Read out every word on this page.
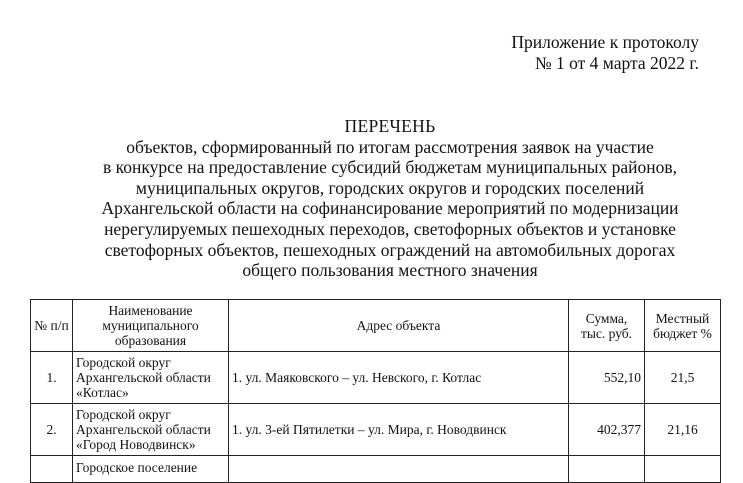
Приложение к протоколу
№ 1 от 4 марта 2022 г.
ПЕРЕЧЕНЬ
объектов, сформированный по итогам рассмотрения заявок на участие
в конкурсе на предоставление субсидий бюджетам муниципальных районов,
муниципальных округов, городских округов и городских поселений
Архангельской области на софинансирование мероприятий по модернизации
нерегулируемых пешеходных переходов, светофорных объектов и установке
светофорных объектов, пешеходных ограждений на автомобильных дорогах
общего пользования местного значения
№ п/п	Наименование муниципального образования	Адрес объекта	Сумма, тыс. руб.	Местный бюджет %
1.	Городской округ Архангельской области «Котлас»	1. ул. Маяковского – ул. Невского, г. Котлас	552,10	21,5
2.	Городской округ Архангельской области «Город Новодвинск»	1. ул. 3-ей Пятилетки – ул. Мира, г. Новодвинск	402,377	21,16
	Городское поселение			
